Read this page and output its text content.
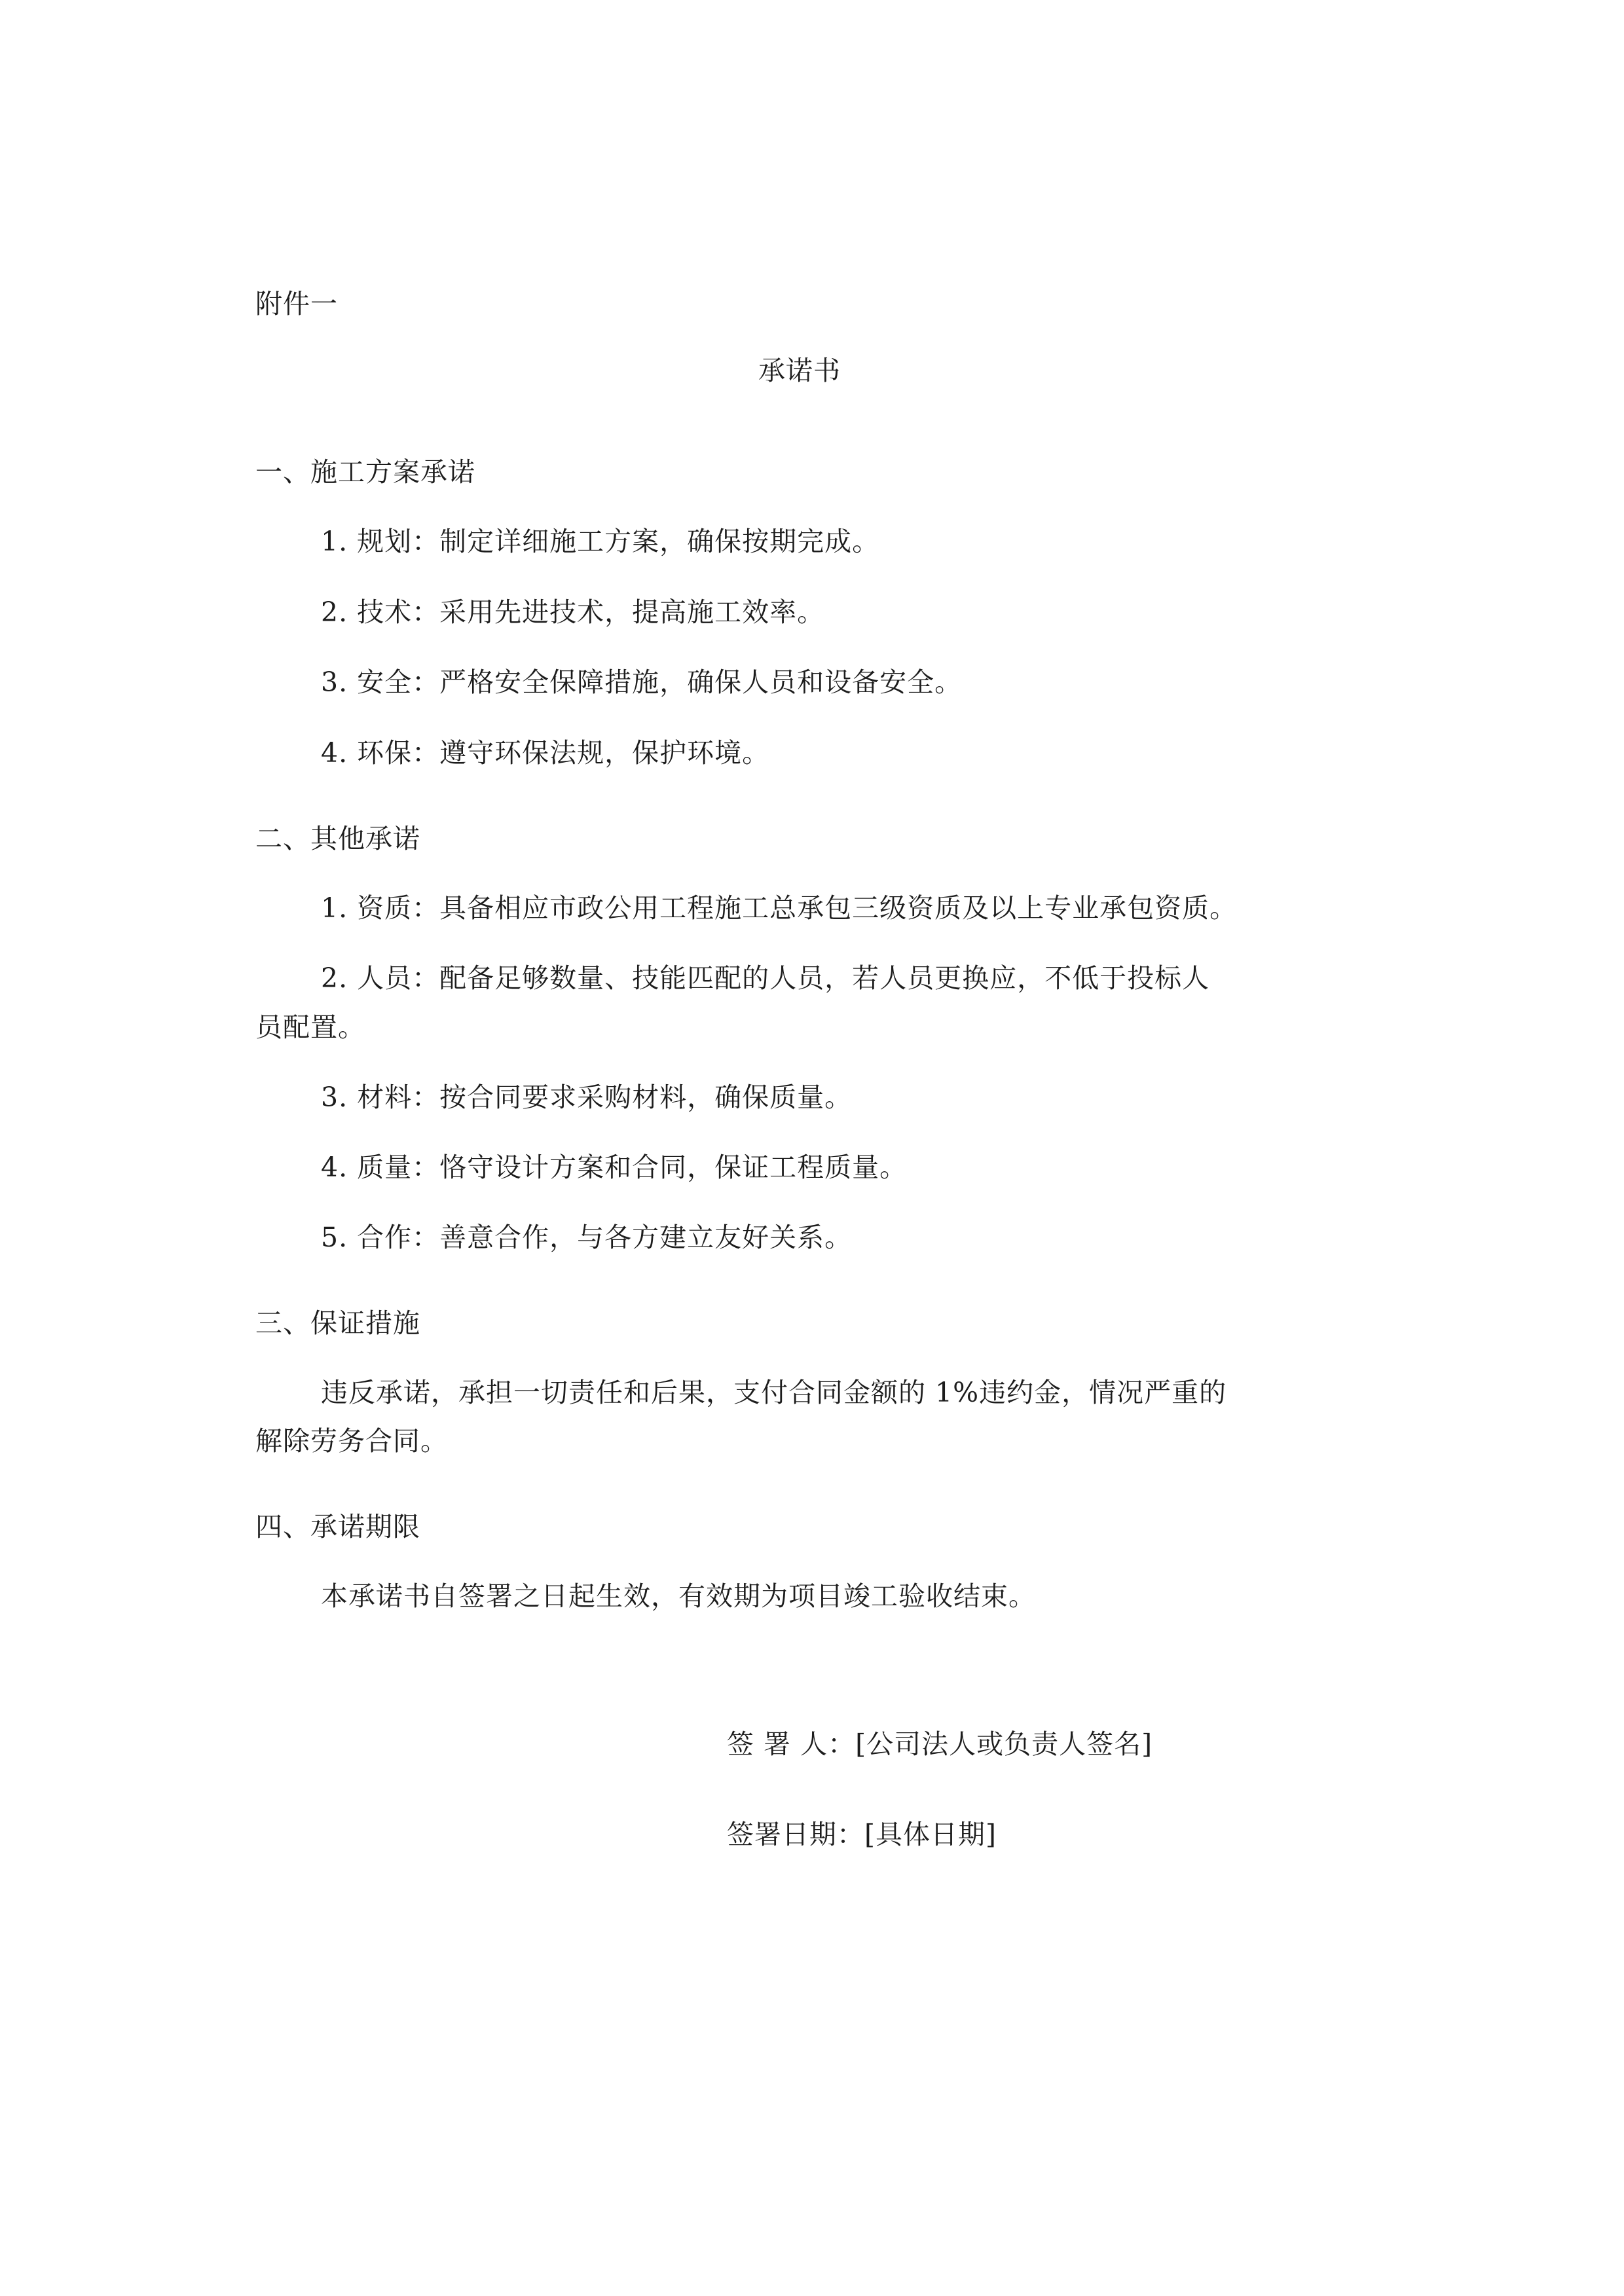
附件一

承诺书

一、施工方案承诺

1. 规划：制定详细施工方案，确保按期完成。

2. 技术：采用先进技术，提高施工效率。

3. 安全：严格安全保障措施，确保人员和设备安全。

4. 环保：遵守环保法规，保护环境。

二、其他承诺

1. 资质：具备相应市政公用工程施工总承包三级资质及以上专业承包资质。

2. 人员：配备足够数量、技能匹配的人员，若人员更换应，不低于投标人

员配置。

3. 材料：按合同要求采购材料，确保质量。

4. 质量：恪守设计方案和合同，保证工程质量。

5. 合作：善意合作，与各方建立友好关系。

三、保证措施

违反承诺，承担一切责任和后果，支付合同金额的 1%违约金，情况严重的

解除劳务合同。

四、承诺期限

本承诺书自签署之日起生效，有效期为项目竣工验收结束。

签 署 人：[公司法人或负责人签名]

签署日期：[具体日期]
